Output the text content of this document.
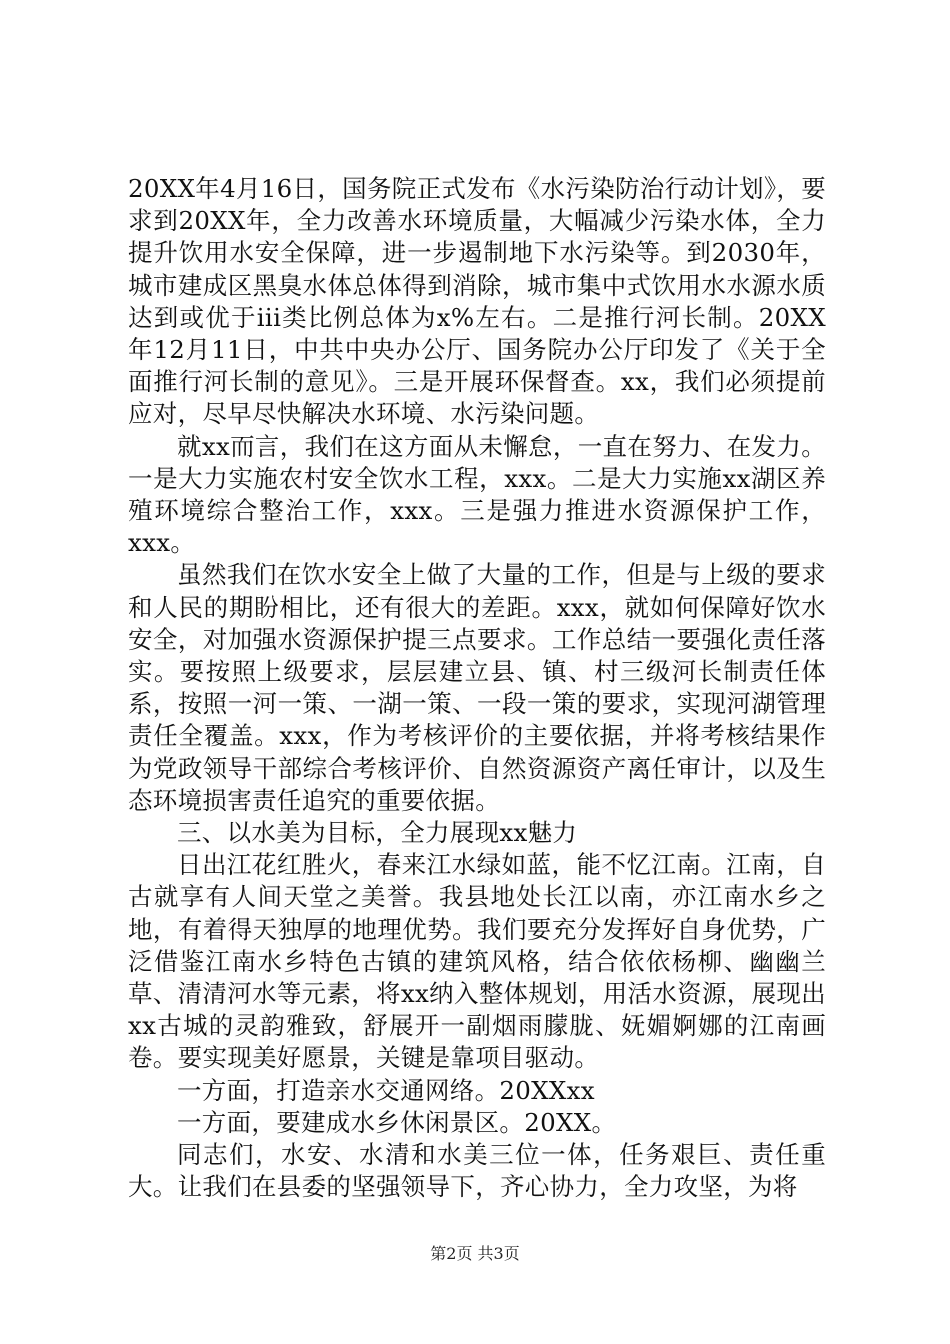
20XX年4月16日，国务院正式发布《水污染防治行动计划》，要求到20XX年，全力改善水环境质量，大幅减少污染水体，全力提升饮用水安全保障，进一步遏制地下水污染等。到2030年，城市建成区黑臭水体总体得到消除，城市集中式饮用水水源水质达到或优于iii类比例总体为x%左右。二是推行河长制。20XX年12月11日，中共中央办公厅、国务院办公厅印发了《关于全面推行河长制的意见》。三是开展环保督查。xx，我们必须提前应对，尽早尽快解决水环境、水污染问题。

就xx而言，我们在这方面从未懈怠，一直在努力、在发力。一是大力实施农村安全饮水工程，xxx。二是大力实施xx湖区养殖环境综合整治工作，xxx。三是强力推进水资源保护工作，xxx。

虽然我们在饮水安全上做了大量的工作，但是与上级的要求和人民的期盼相比，还有很大的差距。xxx，就如何保障好饮水安全，对加强水资源保护提三点要求。工作总结一要强化责任落实。要按照上级要求，层层建立县、镇、村三级河长制责任体系，按照一河一策、一湖一策、一段一策的要求，实现河湖管理责任全覆盖。xxx，作为考核评价的主要依据，并将考核结果作为党政领导干部综合考核评价、自然资源资产离任审计，以及生态环境损害责任追究的重要依据。

三、以水美为目标，全力展现xx魅力

日出江花红胜火，春来江水绿如蓝，能不忆江南。江南，自古就享有人间天堂之美誉。我县地处长江以南，亦江南水乡之地，有着得天独厚的地理优势。我们要充分发挥好自身优势，广泛借鉴江南水乡特色古镇的建筑风格，结合依依杨柳、幽幽兰草、清清河水等元素，将xx纳入整体规划，用活水资源，展现出xx古城的灵韵雅致，舒展开一副烟雨朦胧、妩媚婀娜的江南画卷。要实现美好愿景，关键是靠项目驱动。

一方面，打造亲水交通网络。20XXxx

一方面，要建成水乡休闲景区。20XX。

同志们，水安、水清和水美三位一体，任务艰巨、责任重大。让我们在县委的坚强领导下，齐心协力，全力攻坚，为将

第2页 共3页
